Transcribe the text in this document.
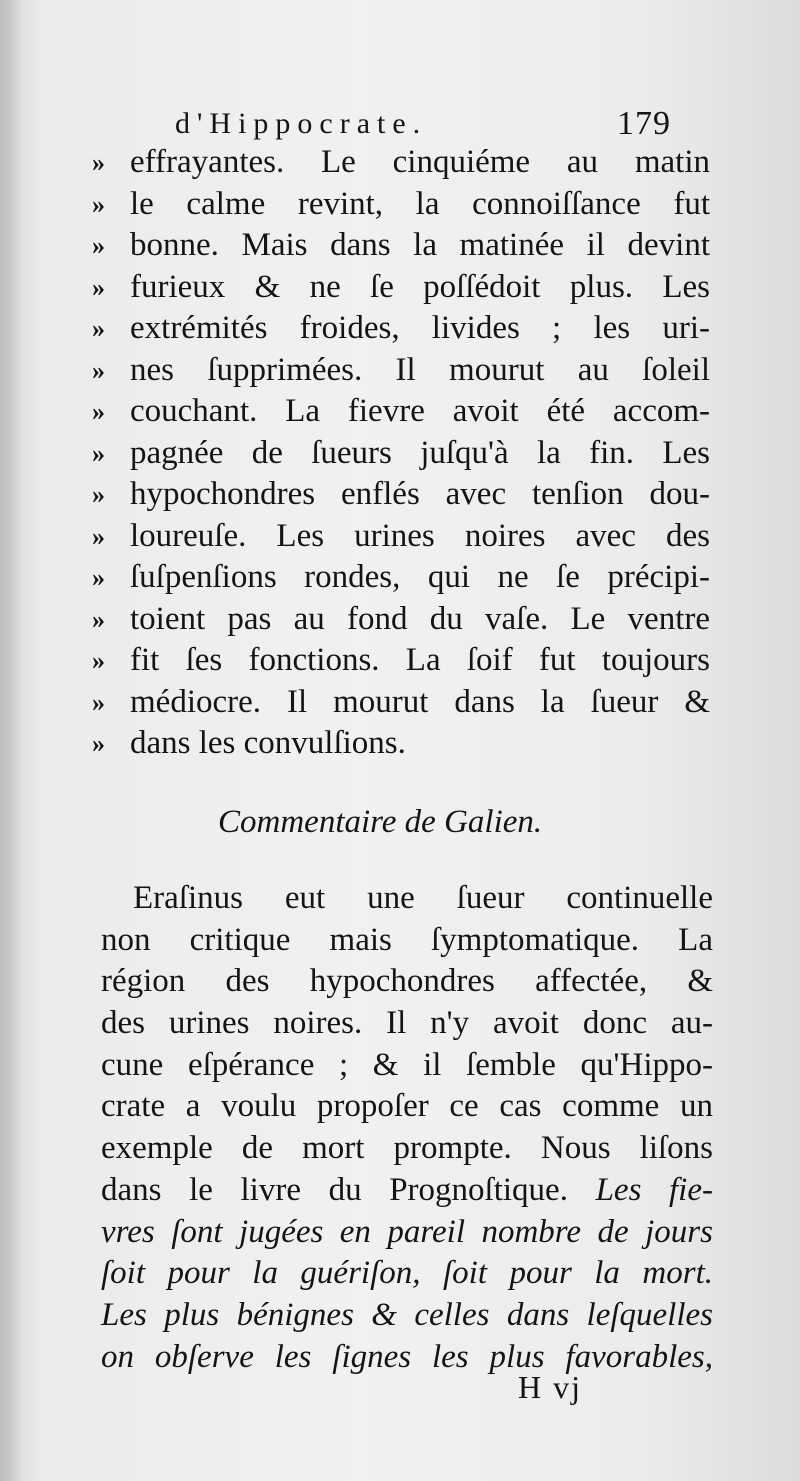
d'Hippocrate.	179
» effrayantes. Le cinquiéme au matin
» le calme revint, la connoiſſance fut
» bonne. Mais dans la matinée il devint
» furieux & ne ſe poſſédoit plus. Les
» extrémités froides, livides ; les uri-
» nes ſupprimées. Il mourut au ſoleil
» couchant. La fievre avoit été accom-
» pagnée de ſueurs juſqu'à la fin. Les
» hypochondres enflés avec tenſion dou-
» loureuſe. Les urines noires avec des
» ſuſpenſions rondes, qui ne ſe précipi-
» toient pas au fond du vaſe. Le ventre
» fit ſes fonctions. La ſoif fut toujours
» médiocre. Il mourut dans la ſueur &
» dans les convulſions.
Commentaire de Galien.
Eraſinus eut une ſueur continuelle
non critique mais ſymptomatique. La
région des hypochondres affectée, &
des urines noires. Il n'y avoit donc au-
cune eſpérance ; & il ſemble qu'Hippo-
crate a voulu propoſer ce cas comme un
exemple de mort prompte. Nous liſons
dans le livre du Prognoſtique. Les fie-
vres ſont jugées en pareil nombre de jours
ſoit pour la guériſon, ſoit pour la mort.
Les plus bénignes & celles dans leſquelles
on obſerve les ſignes les plus favorables,
H vj
